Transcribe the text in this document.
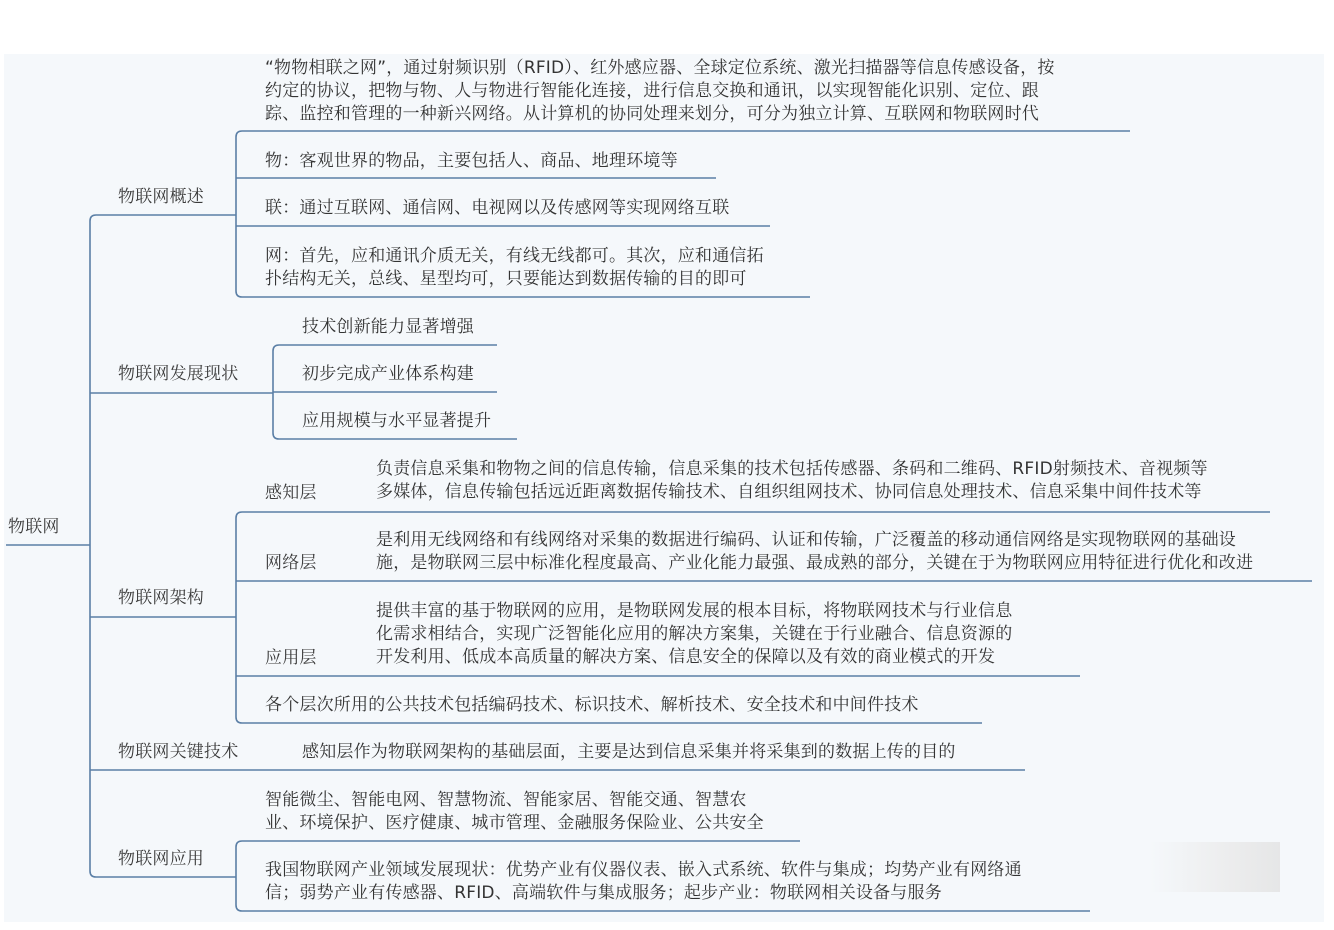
物联网
物联网概述
“物物相联之网”，通过射频识别（RFID）、红外感应器、全球定位系统、激光扫描器等信息传感设备，按
约定的协议，把物与物、人与物进行智能化连接，进行信息交换和通讯，以实现智能化识别、定位、跟
踪、监控和管理的一种新兴网络。从计算机的协同处理来划分，可分为独立计算、互联网和物联网时代
物：客观世界的物品，主要包括人、商品、地理环境等
联：通过互联网、通信网、电视网以及传感网等实现网络互联
网：首先，应和通讯介质无关，有线无线都可。其次，应和通信拓
扑结构无关，总线、星型均可，只要能达到数据传输的目的即可
物联网发展现状
技术创新能力显著增强
初步完成产业体系构建
应用规模与水平显著提升
物联网架构
感知层
负责信息采集和物物之间的信息传输，信息采集的技术包括传感器、条码和二维码、RFID射频技术、音视频等
多媒体，信息传输包括远近距离数据传输技术、自组织组网技术、协同信息处理技术、信息采集中间件技术等
网络层
是利用无线网络和有线网络对采集的数据进行编码、认证和传输，广泛覆盖的移动通信网络是实现物联网的基础设
施，是物联网三层中标准化程度最高、产业化能力最强、最成熟的部分，关键在于为物联网应用特征进行优化和改进
应用层
提供丰富的基于物联网的应用，是物联网发展的根本目标，将物联网技术与行业信息
化需求相结合，实现广泛智能化应用的解决方案集，关键在于行业融合、信息资源的
开发利用、低成本高质量的解决方案、信息安全的保障以及有效的商业模式的开发
各个层次所用的公共技术包括编码技术、标识技术、解析技术、安全技术和中间件技术
物联网关键技术	感知层作为物联网架构的基础层面，主要是达到信息采集并将采集到的数据上传的目的
物联网应用
智能微尘、智能电网、智慧物流、智能家居、智能交通、智慧农
业、环境保护、医疗健康、城市管理、金融服务保险业、公共安全
我国物联网产业领域发展现状：优势产业有仪器仪表、嵌入式系统、软件与集成；均势产业有网络通
信；弱势产业有传感器、RFID、高端软件与集成服务；起步产业：物联网相关设备与服务
